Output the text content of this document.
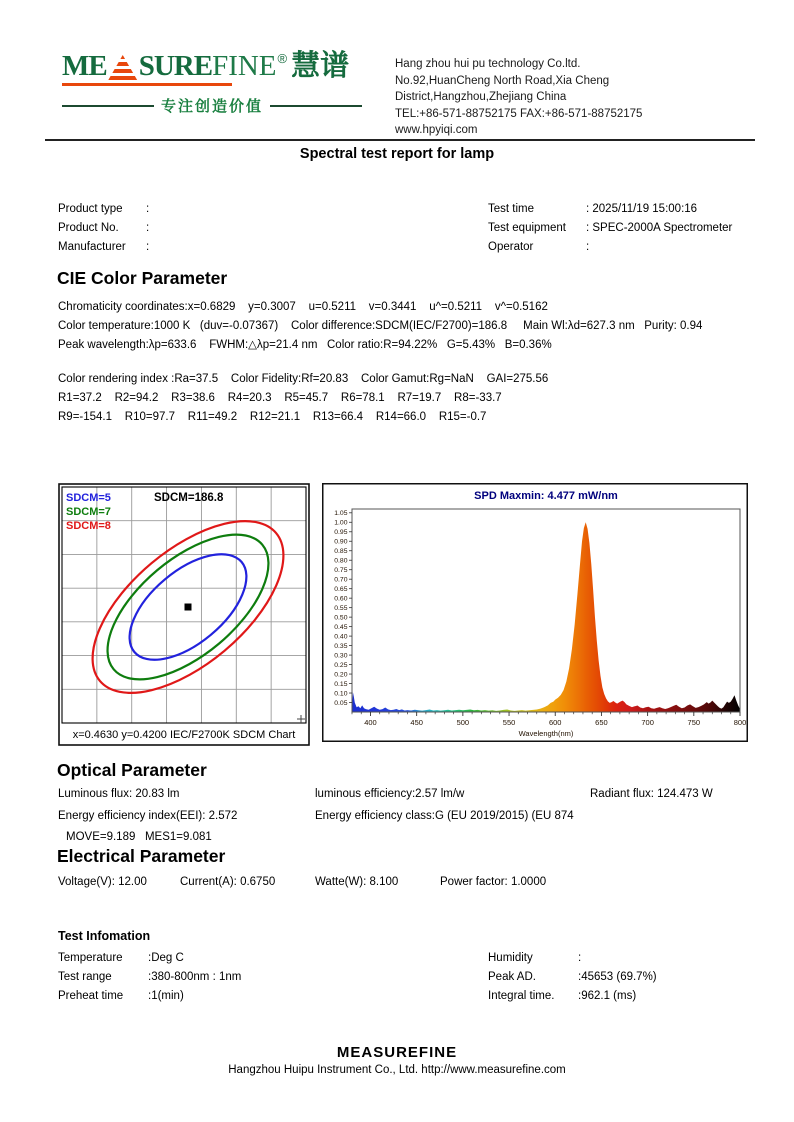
ME SURE FINE ® 慧谱
专注创造价值
Hang zhou hui pu technology Co.ltd.
No.92,HuanCheng North Road,Xia Cheng
District,Hangzhou,Zhejiang China
TEL:+86-571-88752175 FAX:+86-571-88752175
www.hpyiqi.com
Spectral test report for lamp
Product type	:
Product No.	:
Manufacturer	:
Test time	: 2025/11/19 15:00:16
Test equipment	: SPEC-2000A Spectrometer
Operator	:
CIE Color Parameter
Chromaticity coordinates:x=0.6829    y=0.3007    u=0.5211    v=0.3441    u^=0.5211    v^=0.5162
Color temperature:1000 K   (duv=-0.07367)    Color difference:SDCM(IEC/F2700)=186.8     Main Wl:λd=627.3 nm   Purity: 0.94
Peak wavelength:λp=633.6    FWHM:△λp=21.4 nm   Color ratio:R=94.22%   G=5.43%   B=0.36%
Color rendering index :Ra=37.5    Color Fidelity:Rf=20.83    Color Gamut:Rg=NaN    GAI=275.56
R1=37.2    R2=94.2    R3=38.6    R4=20.3    R5=45.7    R6=78.1    R7=19.7    R8=-33.7
R9=-154.1    R10=97.7    R11=49.2    R12=21.1    R13=66.4    R14=66.0    R15=-0.7
SDCM=5
SDCM=7
SDCM=8
SDCM=186.8
x=0.4630 y=0.4200 IEC/F2700K SDCM Chart
SPD Maxmin: 4.477 mW/nm
0.05
0.10
0.15
0.20
0.25
0.30
0.35
0.40
0.45
0.50
0.55
0.60
0.65
0.70
0.75
0.80
0.85
0.90
0.95
1.00
1.05
400	450	500	550	600	650	700	750	800
Wavelength(nm)
Optical Parameter
Luminous flux: 20.83 lm	luminous efficiency:2.57 lm/w	Radiant flux: 124.473 W
Energy efficiency index(EEI): 2.572	Energy efficiency class:G (EU 2019/2015) (EU 874
MOVE=9.189   MES1=9.081
Electrical Parameter
Voltage(V): 12.00	Current(A): 0.6750	Watte(W): 8.100	Power factor: 1.0000
Test Infomation
Temperature	:Deg C
Test range	:380-800nm : 1nm
Preheat time	:1(min)
Humidity	:
Peak AD.	:45653 (69.7%)
Integral time.	:962.1 (ms)
MEASUREFINE
Hangzhou Huipu Instrument Co., Ltd. http://www.measurefine.com
